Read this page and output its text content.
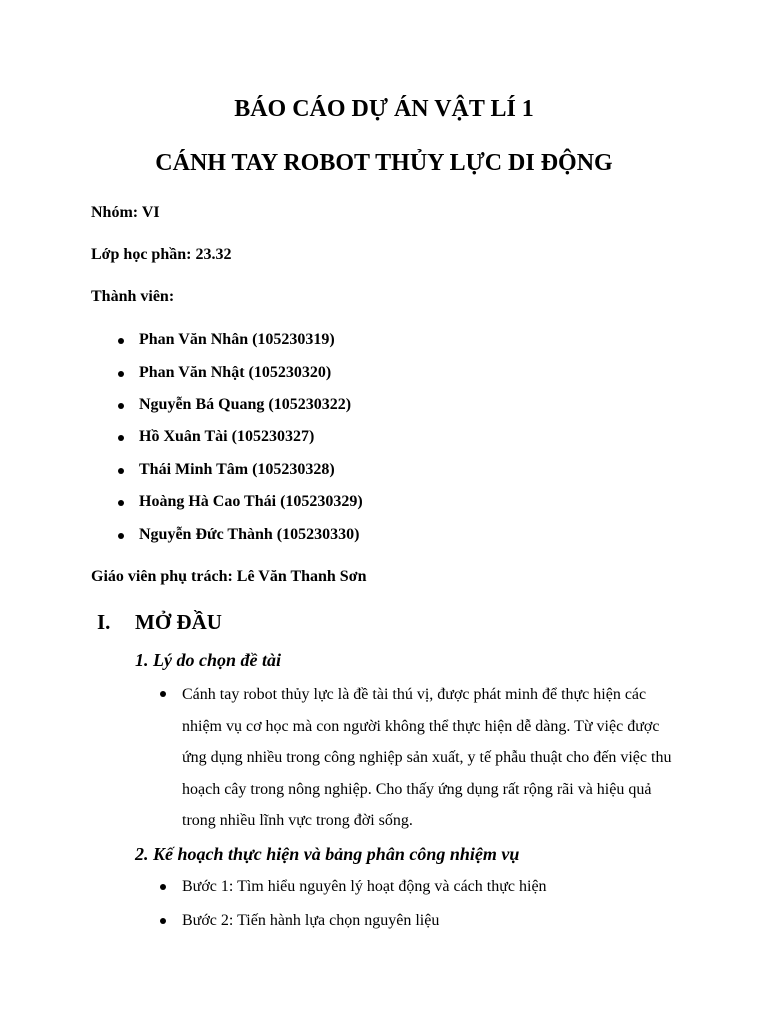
BÁO CÁO DỰ ÁN VẬT LÍ 1
CÁNH TAY ROBOT THỦY LỰC DI ĐỘNG

Nhóm: VI

Lớp học phần: 23.32

Thành viên:

Phan Văn Nhân (105230319)
Phan Văn Nhật (105230320)
Nguyễn Bá Quang (105230322)
Hồ Xuân Tài (105230327)
Thái Minh Tâm (105230328)
Hoàng Hà Cao Thái (105230329)
Nguyễn Đức Thành (105230330)

Giáo viên phụ trách: Lê Văn Thanh Sơn

I. MỞ ĐẦU
1. Lý do chọn đề tài

Cánh tay robot thủy lực là đề tài thú vị, được phát minh để thực hiện các nhiệm vụ cơ học mà con người không thể thực hiện dễ dàng. Từ việc được ứng dụng nhiều trong công nghiệp sản xuất, y tế phẫu thuật cho đến việc thu hoạch cây trong nông nghiệp. Cho thấy ứng dụng rất rộng rãi và hiệu quả trong nhiều lĩnh vực trong đời sống.

2. Kế hoạch thực hiện và bảng phân công nhiệm vụ

Bước 1: Tìm hiểu nguyên lý hoạt động và cách thực hiện

Bước 2: Tiến hành lựa chọn nguyên liệu
